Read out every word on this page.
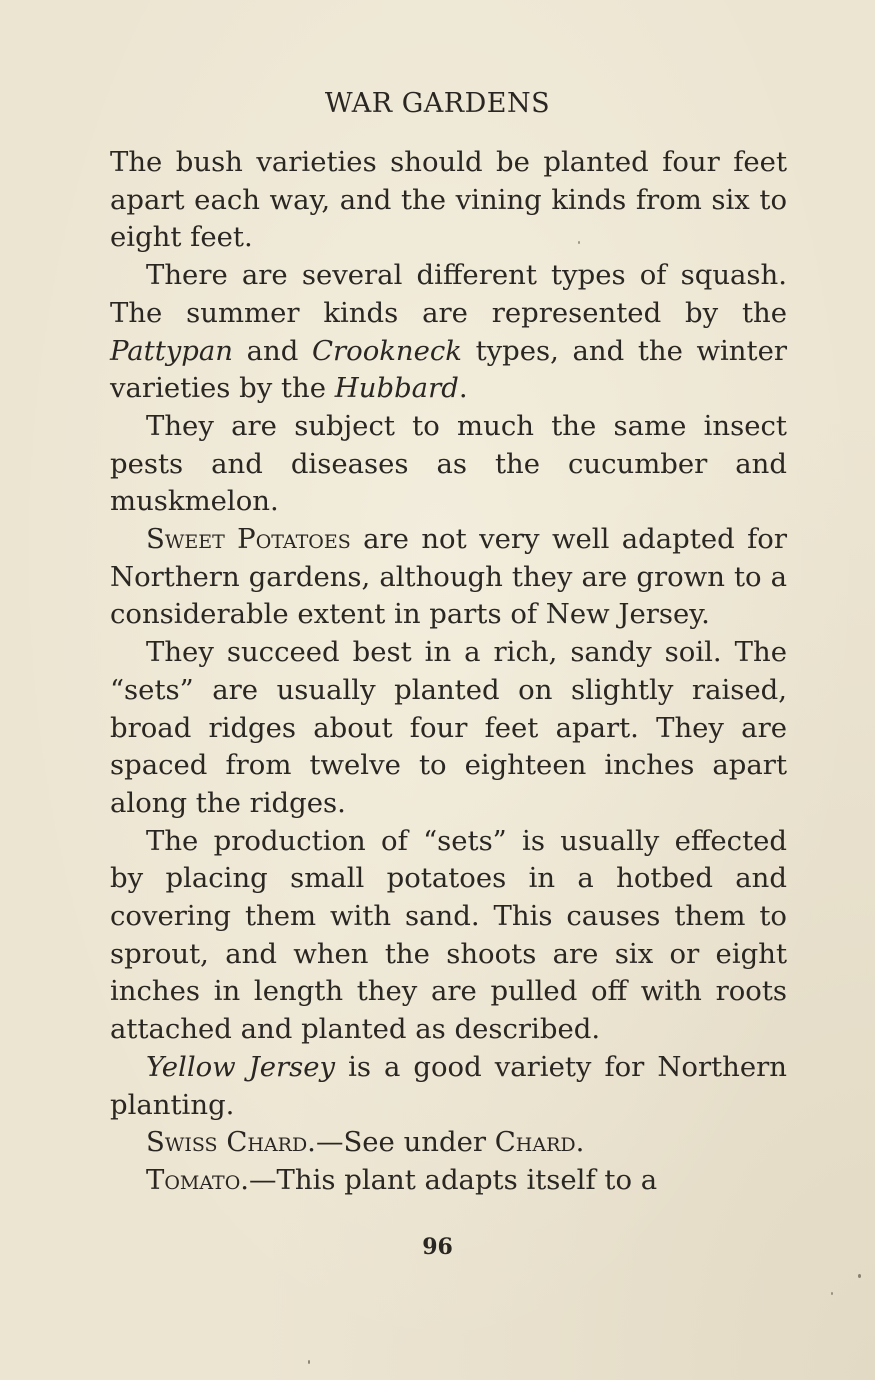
WAR GARDENS

The bush varieties should be planted four feet apart each way, and the vining kinds from six to eight feet.

There are several different types of squash. The summer kinds are represented by the Pattypan and Crookneck types, and the winter varieties by the Hubbard.

They are subject to much the same insect pests and diseases as the cucumber and muskmelon.

Sweet Potatoes are not very well adapted for Northern gardens, although they are grown to a considerable extent in parts of New Jersey.

They succeed best in a rich, sandy soil. The “sets” are usually planted on slightly raised, broad ridges about four feet apart. They are spaced from twelve to eighteen inches apart along the ridges.

The production of “sets” is usually effected by placing small potatoes in a hotbed and covering them with sand. This causes them to sprout, and when the shoots are six or eight inches in length they are pulled off with roots attached and planted as described.

Yellow Jersey is a good variety for Northern planting.

Swiss Chard.—See under Chard.

Tomato.—This plant adapts itself to a

96
